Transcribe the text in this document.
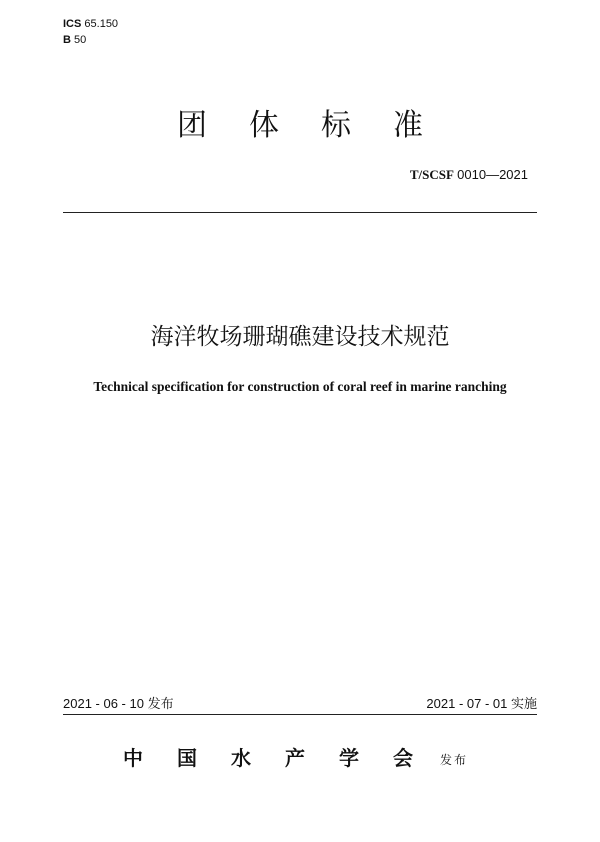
ICS 65.150
B 50
团体标准
T/SCSF 0010—2021
海洋牧场珊瑚礁建设技术规范
Technical specification for construction of coral reef in marine ranching
2021 - 06 - 10 发布	2021 - 07 - 01 实施
中国水产学会
发布
